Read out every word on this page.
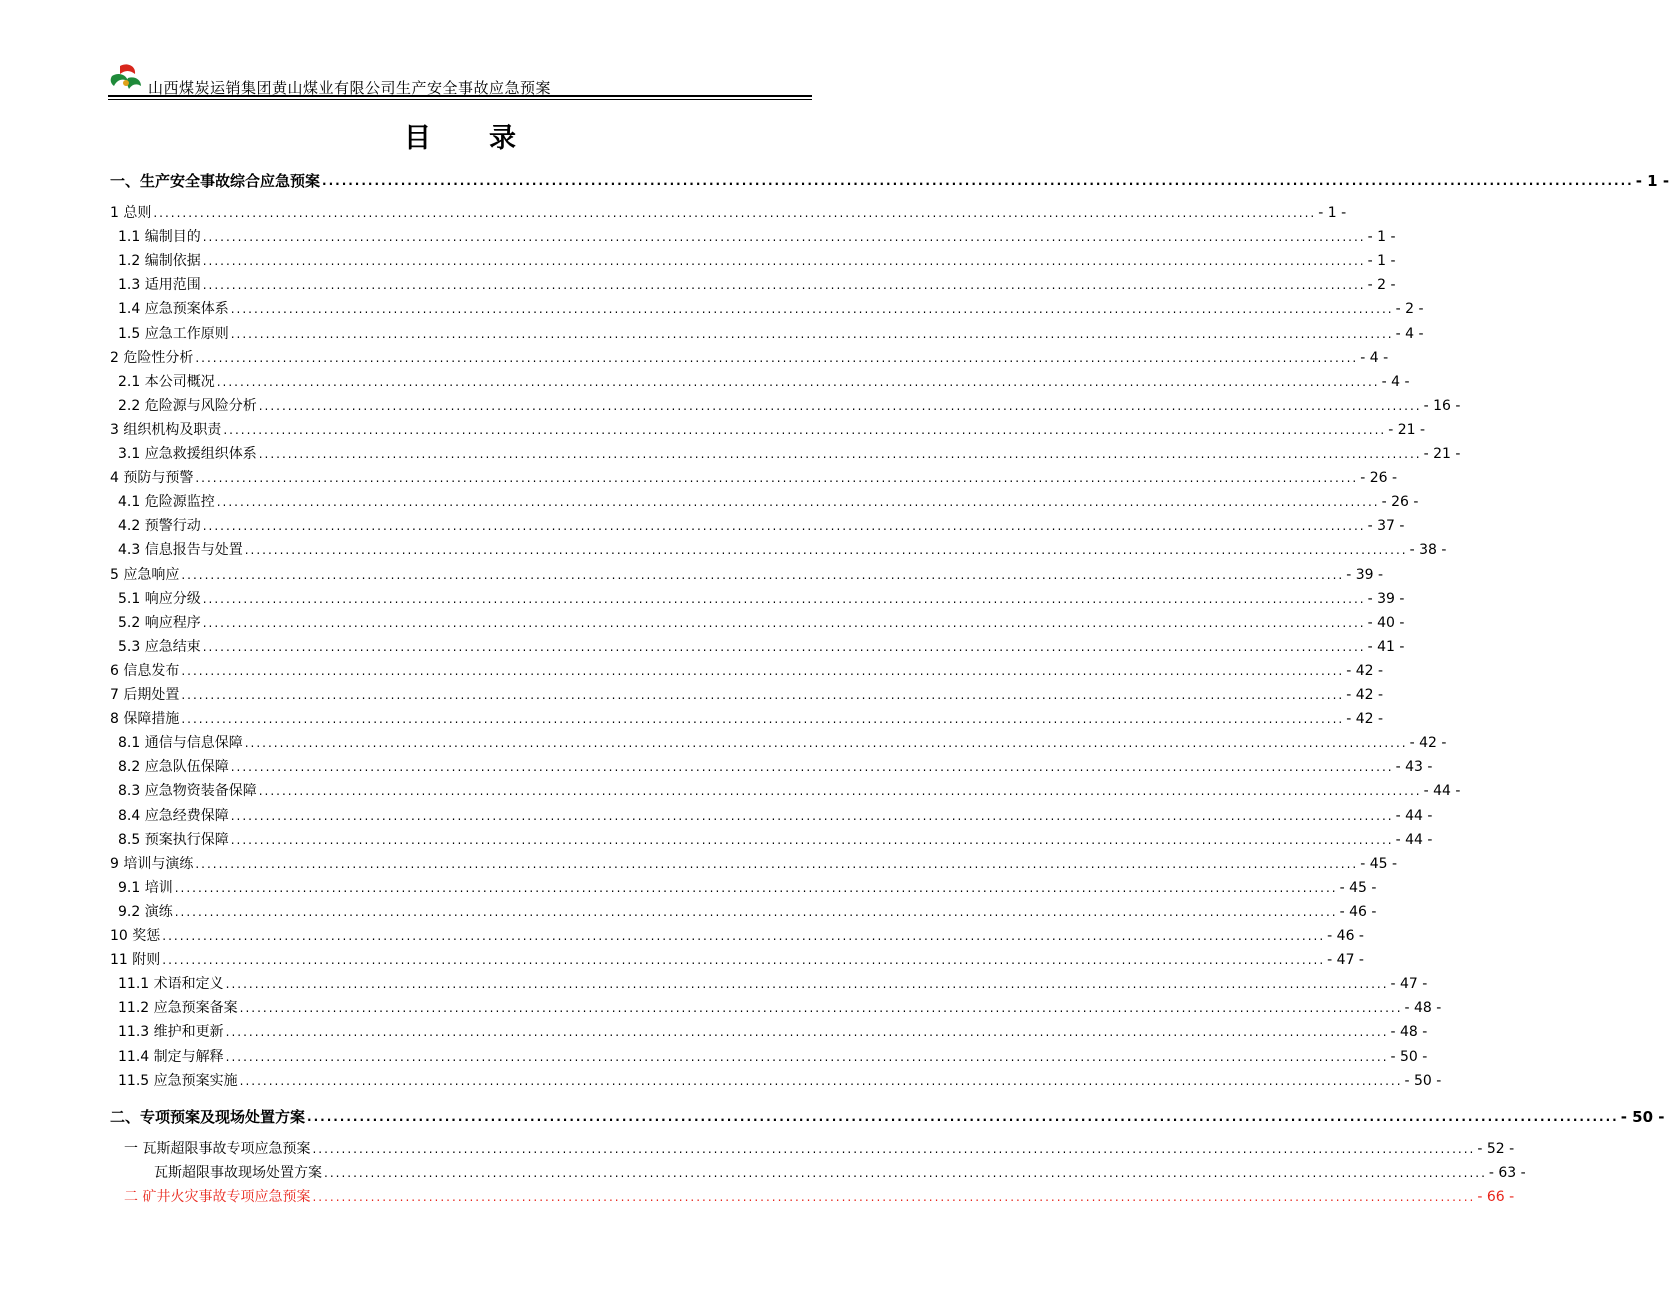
山西煤炭运销集团黄山煤业有限公司生产安全事故应急预案
目 录
一、生产安全事故综合应急预案 ........................................................................................................................................................................................................ - 1 -
1 总则 ........................................................................................................................................................................................................ - 1 -
1.1 编制目的 ........................................................................................................................................................................................................ - 1 -
1.2 编制依据 ........................................................................................................................................................................................................ - 1 -
1.3 适用范围 ........................................................................................................................................................................................................ - 2 -
1.4 应急预案体系 ........................................................................................................................................................................................................ - 2 -
1.5 应急工作原则 ........................................................................................................................................................................................................ - 4 -
2 危险性分析 ........................................................................................................................................................................................................ - 4 -
2.1 本公司概况 ........................................................................................................................................................................................................ - 4 -
2.2 危险源与风险分析 ........................................................................................................................................................................................................ - 16 -
3 组织机构及职责 ........................................................................................................................................................................................................ - 21 -
3.1 应急救援组织体系 ........................................................................................................................................................................................................ - 21 -
4 预防与预警 ........................................................................................................................................................................................................ - 26 -
4.1 危险源监控 ........................................................................................................................................................................................................ - 26 -
4.2 预警行动 ........................................................................................................................................................................................................ - 37 -
4.3 信息报告与处置 ........................................................................................................................................................................................................ - 38 -
5 应急响应 ........................................................................................................................................................................................................ - 39 -
5.1 响应分级 ........................................................................................................................................................................................................ - 39 -
5.2 响应程序 ........................................................................................................................................................................................................ - 40 -
5.3 应急结束 ........................................................................................................................................................................................................ - 41 -
6 信息发布 ........................................................................................................................................................................................................ - 42 -
7 后期处置 ........................................................................................................................................................................................................ - 42 -
8 保障措施 ........................................................................................................................................................................................................ - 42 -
8.1 通信与信息保障 ........................................................................................................................................................................................................ - 42 -
8.2 应急队伍保障 ........................................................................................................................................................................................................ - 43 -
8.3 应急物资装备保障 ........................................................................................................................................................................................................ - 44 -
8.4 应急经费保障 ........................................................................................................................................................................................................ - 44 -
8.5 预案执行保障 ........................................................................................................................................................................................................ - 44 -
9 培训与演练 ........................................................................................................................................................................................................ - 45 -
9.1 培训 ........................................................................................................................................................................................................ - 45 -
9.2 演练 ........................................................................................................................................................................................................ - 46 -
10 奖惩 ........................................................................................................................................................................................................ - 46 -
11 附则 ........................................................................................................................................................................................................ - 47 -
11.1 术语和定义 ........................................................................................................................................................................................................ - 47 -
11.2 应急预案备案 ........................................................................................................................................................................................................ - 48 -
11.3 维护和更新 ........................................................................................................................................................................................................ - 48 -
11.4 制定与解释 ........................................................................................................................................................................................................ - 50 -
11.5 应急预案实施 ........................................................................................................................................................................................................ - 50 -
二、专项预案及现场处置方案 ........................................................................................................................................................................................................ - 50 -
一 瓦斯超限事故专项应急预案 ........................................................................................................................................................................................................ - 52 -
瓦斯超限事故现场处置方案 ........................................................................................................................................................................................................ - 63 -
二 矿井火灾事故专项应急预案 ........................................................................................................................................................................................................ - 66 -
